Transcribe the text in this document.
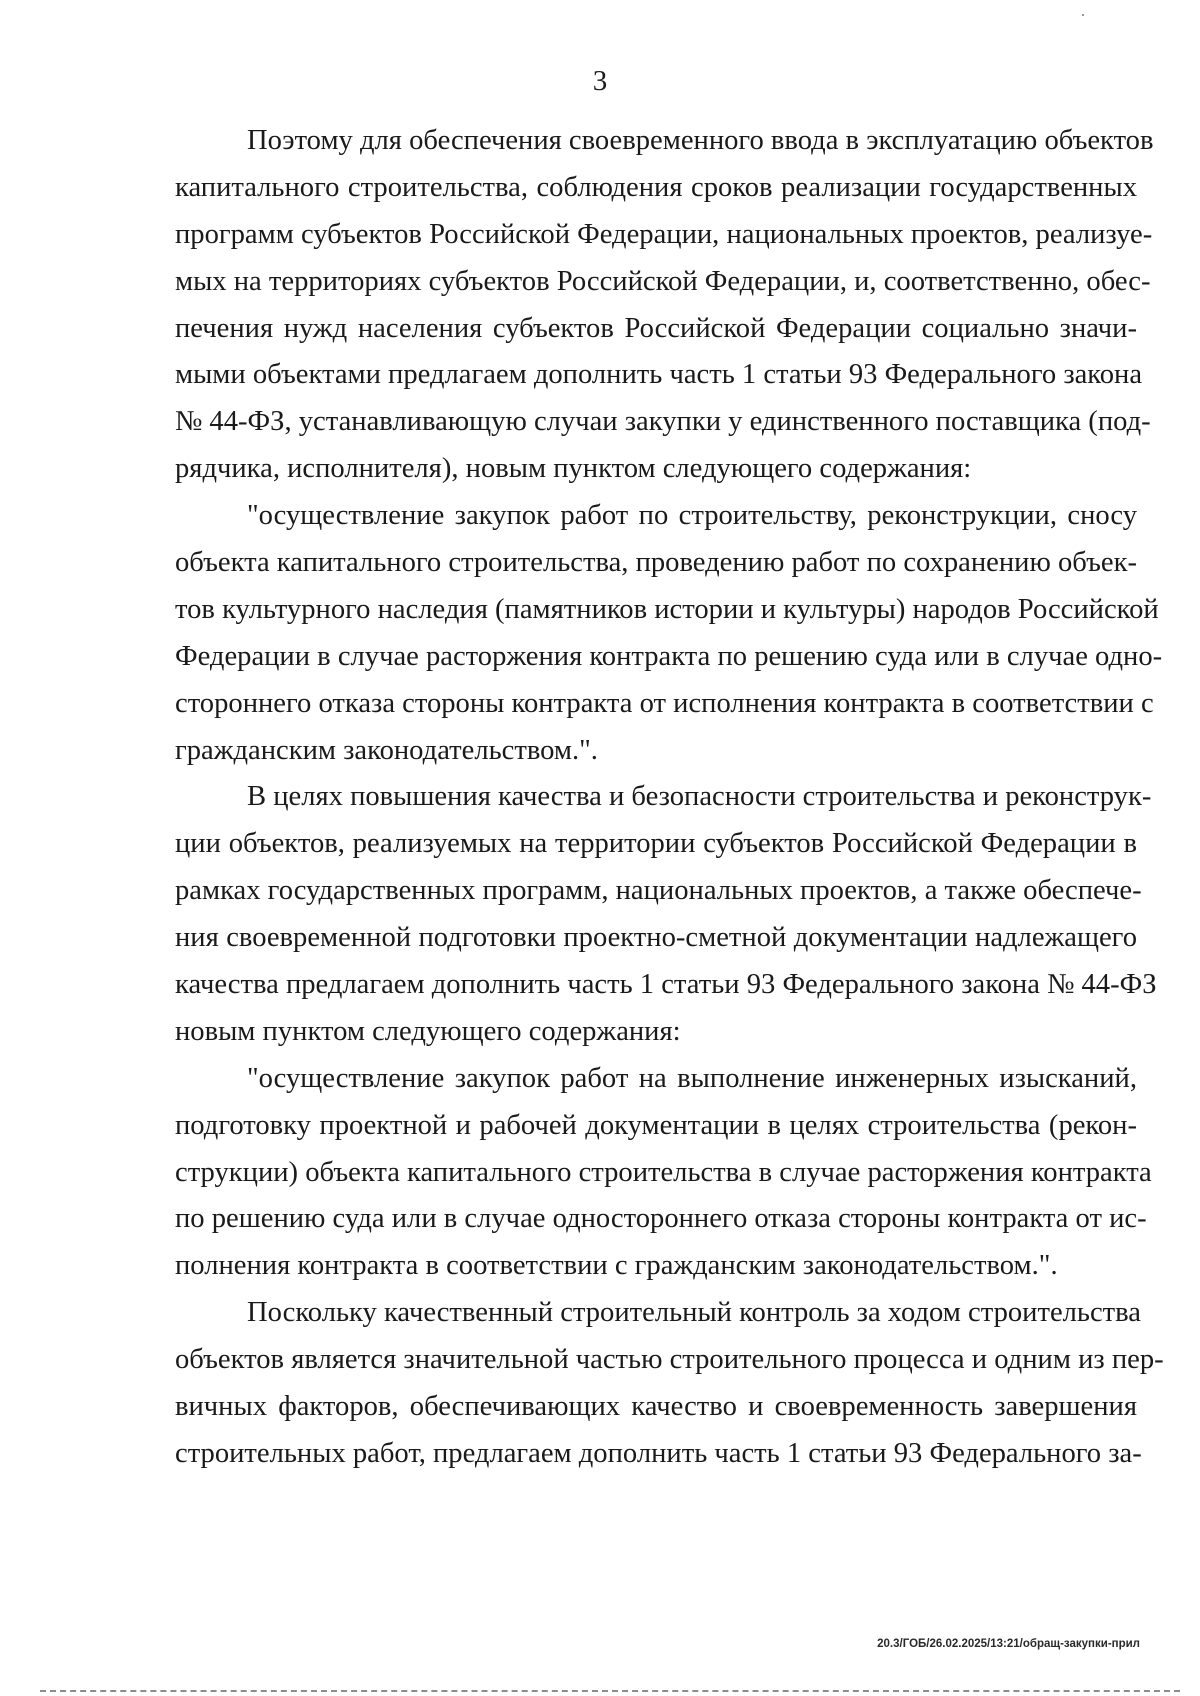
3
Поэтому для обеспечения своевременного ввода в эксплуатацию объектов
капитального строительства, соблюдения сроков реализации государственных
программ субъектов Российской Федерации, национальных проектов, реализуе-
мых на территориях субъектов Российской Федерации, и, соответственно, обес-
печения нужд населения субъектов Российской Федерации социально значи-
мыми объектами предлагаем дополнить часть 1 статьи 93 Федерального закона
№ 44-ФЗ, устанавливающую случаи закупки у единственного поставщика (под-
рядчика, исполнителя), новым пунктом следующего содержания:
"осуществление закупок работ по строительству, реконструкции, сносу
объекта капитального строительства, проведению работ по сохранению объек-
тов культурного наследия (памятников истории и культуры) народов Российской
Федерации в случае расторжения контракта по решению суда или в случае одно-
стороннего отказа стороны контракта от исполнения контракта в соответствии с
гражданским законодательством.".
В целях повышения качества и безопасности строительства и реконструк-
ции объектов, реализуемых на территории субъектов Российской Федерации в
рамках государственных программ, национальных проектов, а также обеспече-
ния своевременной подготовки проектно-сметной документации надлежащего
качества предлагаем дополнить часть 1 статьи 93 Федерального закона № 44-ФЗ
новым пунктом следующего содержания:
"осуществление закупок работ на выполнение инженерных изысканий,
подготовку проектной и рабочей документации в целях строительства (рекон-
струкции) объекта капитального строительства в случае расторжения контракта
по решению суда или в случае одностороннего отказа стороны контракта от ис-
полнения контракта в соответствии с гражданским законодательством.".
Поскольку качественный строительный контроль за ходом строительства
объектов является значительной частью строительного процесса и одним из пер-
вичных факторов, обеспечивающих качество и своевременность завершения
строительных работ, предлагаем дополнить часть 1 статьи 93 Федерального за-
20.3/ГОБ/26.02.2025/13:21/обращ-закупки-прил
